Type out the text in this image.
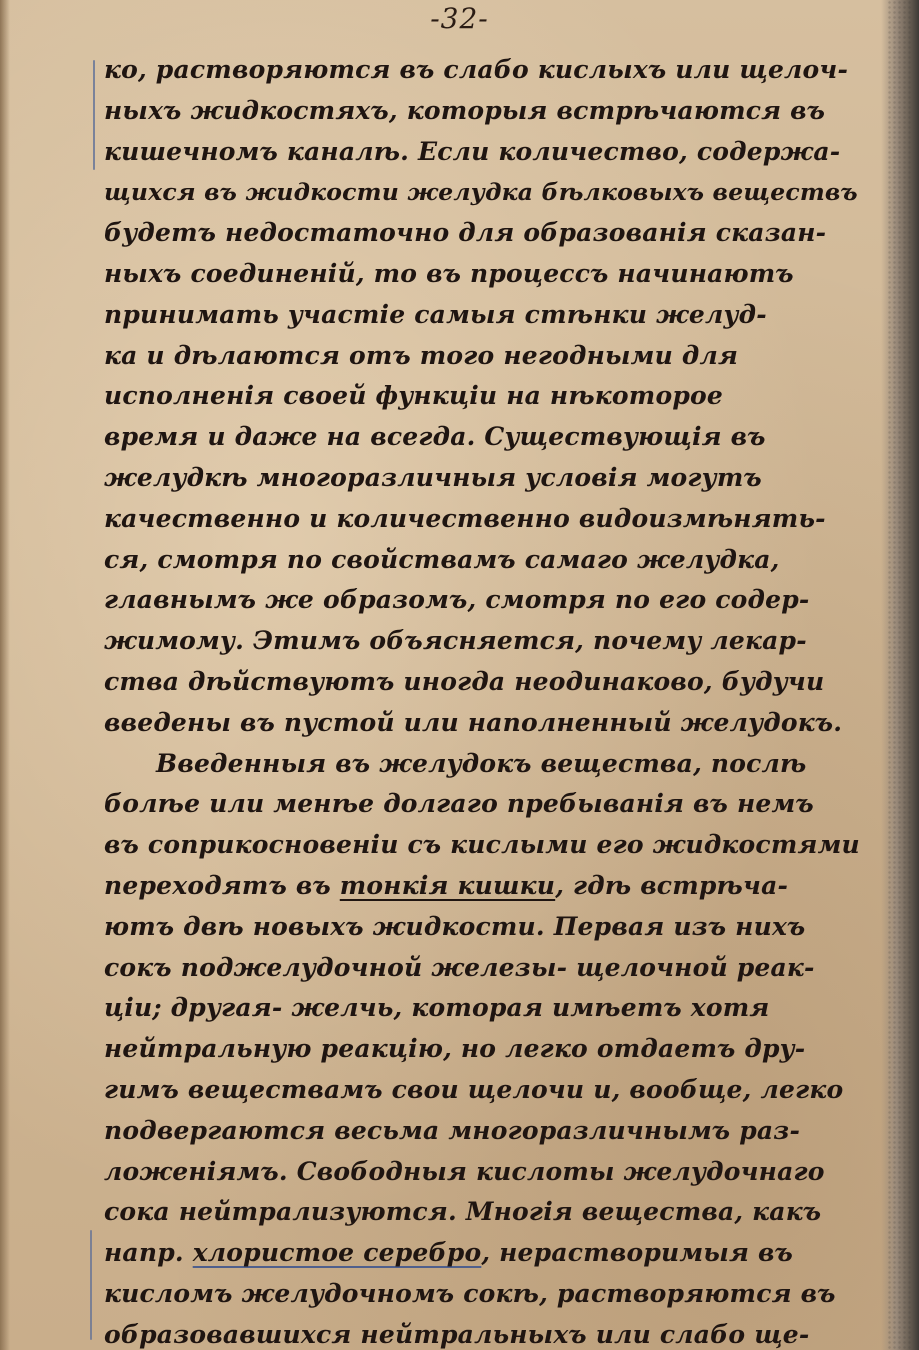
-32-
ко, растворяются въ слабо кислыхъ или щелоч-
ныхъ жидкостяхъ, которыя встрѣчаются въ
кишечномъ каналѣ. Если количество, содержа-
щихся въ жидкости желудка бѣлковыхъ веществъ
будетъ недостаточно для образованія сказан-
ныхъ соединеній, то въ процессъ начинаютъ
принимать участіе самыя стѣнки желуд-
ка и дѣлаются отъ того негодными для
исполненія своей функціи на нѣкоторое
время и даже на всегда. Существующія въ
желудкѣ многоразличныя условія могутъ
качественно и количественно видоизмѣнять-
ся, смотря по свойствамъ самаго желудка,
главнымъ же образомъ, смотря по его содер-
жимому. Этимъ объясняется, почему лекар-
ства дѣйствуютъ иногда неодинаково, будучи
введены въ пустой или наполненный желудокъ.
Введенныя въ желудокъ вещества, послѣ
болѣе или менѣе долгаго пребыванія въ немъ
въ соприкосновеніи съ кислыми его жидкостями
переходятъ въ тонкія кишки, гдѣ встрѣча-
ютъ двѣ новыхъ жидкости. Первая изъ нихъ
сокъ поджелудочной железы- щелочной реак-
ціи; другая- желчь, которая имѣетъ хотя
нейтральную реакцію, но легко отдаетъ дру-
гимъ веществамъ свои щелочи и, вообще, легко
подвергаются весьма многоразличнымъ раз-
ложеніямъ. Свободныя кислоты желудочнаго
сока нейтрализуются. Многія вещества, какъ
напр. хлористое серебро, нерастворимыя въ
кисломъ желудочномъ сокѣ, растворяются въ
образовавшихся нейтральныхъ или слабо ще-
